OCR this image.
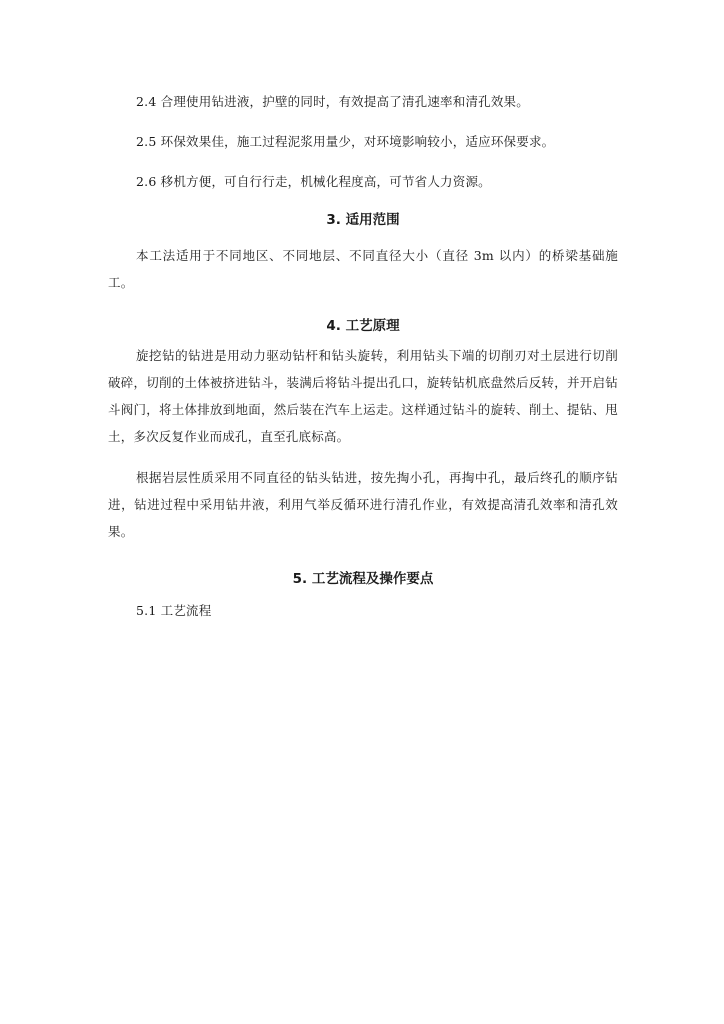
2.4 合理使用钻进液，护壁的同时，有效提高了清孔速率和清孔效果。

2.5 环保效果佳，施工过程泥浆用量少，对环境影响较小，适应环保要求。

2.6 移机方便，可自行行走，机械化程度高，可节省人力资源。

3. 适用范围

本工法适用于不同地区、不同地层、不同直径大小（直径 3m 以内）的桥梁基础施工。

4. 工艺原理

旋挖钻的钻进是用动力驱动钻杆和钻头旋转，利用钻头下端的切削刃对土层进行切削破碎，切削的土体被挤进钻斗，装满后将钻斗提出孔口，旋转钻机底盘然后反转，并开启钻斗阀门，将土体排放到地面，然后装在汽车上运走。这样通过钻斗的旋转、削土、提钻、甩土，多次反复作业而成孔，直至孔底标高。

根据岩层性质采用不同直径的钻头钻进，按先掏小孔，再掏中孔，最后终孔的顺序钻进，钻进过程中采用钻井液，利用气举反循环进行清孔作业，有效提高清孔效率和清孔效果。

5. 工艺流程及操作要点

5.1 工艺流程
